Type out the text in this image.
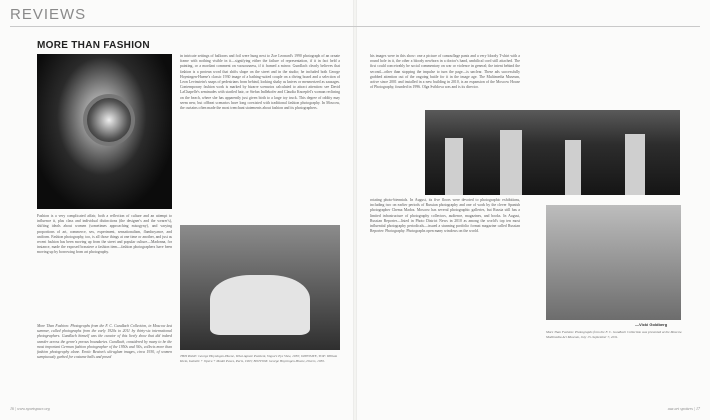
REVIEWS
MORE THAN FASHION
Fashion is a very complicated affair, both a reflection of culture and an attempt to influence it, plus class and individual distinctions (the designer's and the wearer's), shifting ideals about women (sometimes approaching misogyny), and varying proportions of art, commerce, sex, experiment, sensationalism, flamboyance, and uniform. Fashion photography, too, is all those things at one time or another, and just as recent fashion has been moving up from the street and popular culture—Madonna, for instance, made the exposed brassiere a fashion item—fashion photographers have been moving up by borrowing from art photography.
More Than Fashion: Photographs from the F. C. Gundlach Collection, in Moscow last summer, culled photographs from the early 1920s to 2011 by thirty-six international photographers. Gundlach himself was the curator of this lively show that did indeed wander across the genre's porous boundaries. Gundlach, considered by many to be the most important German fashion photographer of the 1950s and '60s, collects more than fashion photography alone. Erotic Beaton's ultraglam images, circa 1930, of women sumptuously garbed for costume balls and posed
in intricate settings of balloons and foil were hung next to Zoe Leonard's 1990 photograph of an ornate frame with nothing visible in it—signifying either the failure of representation, if it in fact held a painting, or a mordant comment on vacuousness, if it framed a mirror. Gundlach clearly believes that fashion is a protean word that shifts shape on the street and in the studio; he included both George Hoyningen-Huene's classic 1930 image of a bathing-suited couple on a diving board and a selection of Leon Levinstein's snaps of pedestrians from behind, looking shaky as knives or mesmerized as sausages. Contemporary fashion work is marked by bizarre scenarios calculated to attract attention: see David LaChapelle's seminudes with startled hair, or Stefan Indlekofer and Claudia Knoepfel's woman reclining on the beach, where she has apparently just given birth to a large toy truck. This degree of oddity may seem new, but offbeat scenarios have long coexisted with traditional fashion photography. In Moscow, the curtains often made the most trenchant statements about fashion and its photographers.
THIS PAGE: George Hoyningen-Huene, What Agnete Pontient, Vogue's Eye View, 1930; OPPOSITE, TOP: William Klein, Isabelle + Opera + Model Paves, Paris, 1963; BOTTOM: George Hoyningen-Huene, Divers, 1930.
16 | www.nyartspace.org
his images were in this show: one a picture of camouflage pants and a very bloody T-shirt with a round hole in it, the other a bloody newborn in a doctor's hand, umbilical cord still attached. The first could conceivably be social commentary on war or violence in general; the intent behind the second—other than stopping the impulse to turn the page—is unclear. These ads successfully grabbed attention out of the ongoing battle for it in the image age. The Multimedia Museum, active since 2001 and installed in a new building in 2010, is an expansion of the Moscow House of Photography, founded in 1996. Olga Sviblova was and is its director.
rotating photo-biennials. In August, its five floors were devoted to photographic exhibitions, including two on earlier periods of Russian photography and one of work by the clever Spanish photographer Chema Madoz. Moscow has several photographic galleries, but Russia still has a limited infrastructure of photography collectors, audience, magazines, and books. In August, Russian Reporter—listed in Photo District News in 2010 as among the world's top ten most influential photography periodicals—issued a stunning portfolio format magazine called Russian Reporter: Photography. Photographs open many windows on the world.
—Vicki Goldberg
More Than Fashion: Photographs from the F. C. Gundlach Collection was presented at the Moscow Multimedia Art Museum, July 15–September 7, 2011.
aux art spotters | 17
